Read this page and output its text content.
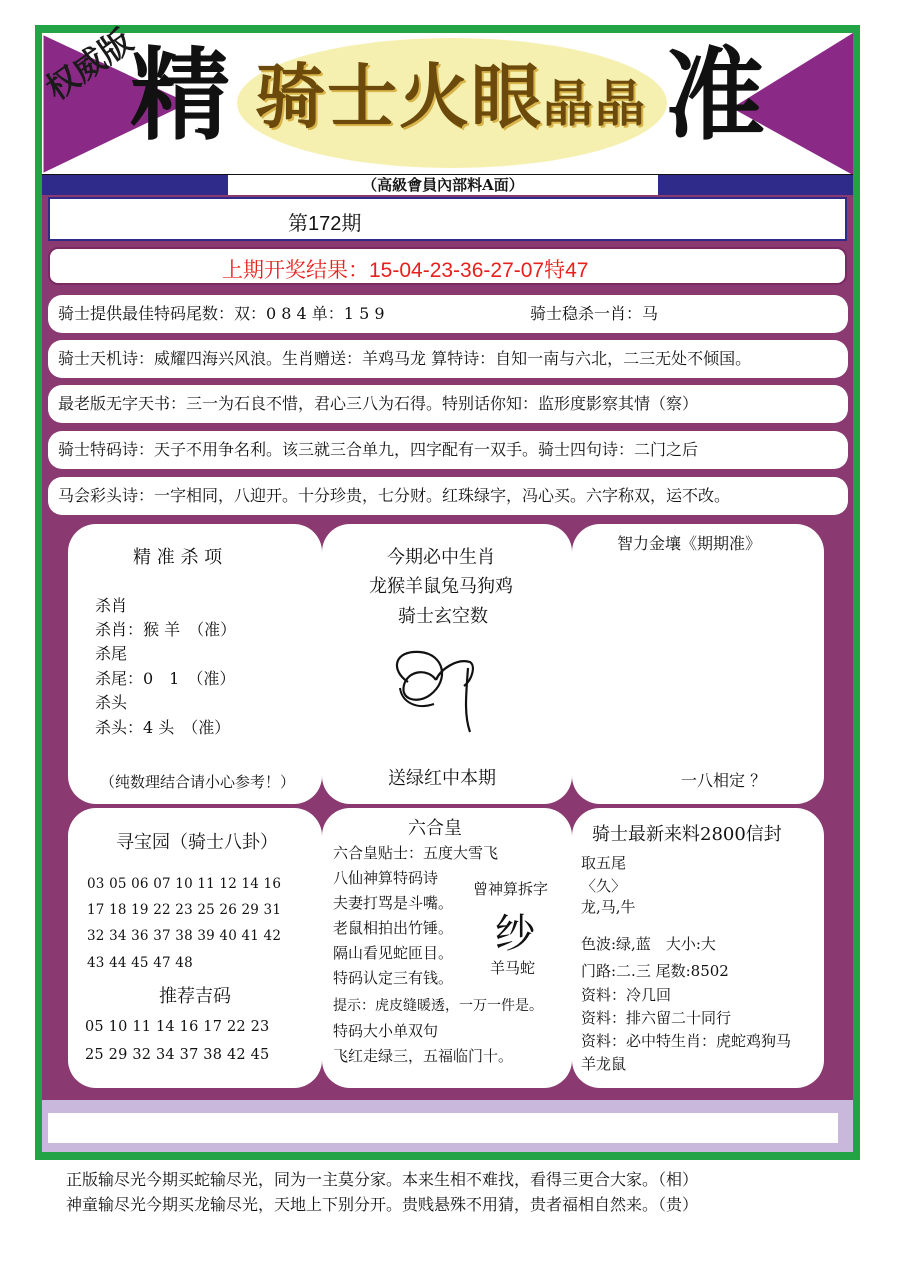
权威版
精 骑士火眼晶晶 准
（高級會員內部料A面）
第172期
上期开奖结果：15-04-23-36-27-07特47
骑士提供最佳特码尾数：双：0 8 4 单：1 5 9	骑士稳杀一肖：马
骑士天机诗：威耀四海兴风浪。生肖赠送：羊鸡马龙 算特诗：自知一南与六北，二三无处不倾国。
最老版无字天书：三一为石良不惜，君心三八为石得。特别话你知：监形度影察其情（察）
骑士特码诗：天子不用争名利。该三就三合单九，四字配有一双手。骑士四句诗：二门之后
马会彩头诗：一字相同，八迎开。十分珍贵，七分财。红珠绿字，冯心买。六字称双，运不改。
精 准 杀 项
杀肖
杀肖：猴 羊　（准）
杀尾
杀尾：0　1　（准）
杀头
杀头：4 头　（准）
（纯数理结合请小心参考！）
今期必中生肖
龙猴羊鼠兔马狗鸡
骑士玄空数
送绿红中本期
智力金壤《期期准》
一八相定 ？
寻宝园（骑士八卦）
03 05 06 07 10 11 12 14 16
17 18 19 22 23 25 26 29 31
32 34 36 37 38 39 40 41 42
43 44 45 47 48
推荐吉码
05 10 11 14 16 17 22 23
25 29 32 34 37 38 42 45
六合皇
六合皇贴士：五度大雪飞
八仙神算特码诗
夫妻打骂是斗嘴。
老鼠相拍出竹锤。
隔山看见蛇匝目。
特码认定三有钱。
提示：虎皮缝暖透，一万一件是。
特码大小单双句
飞红走绿三，五福临门十。
曾神算拆字
纱
羊马蛇
骑士最新来料2800信封
取五尾
〈久〉
龙,马,牛
色波:绿,蓝　大小:大
门路:二.三 尾数:8502
资料：冷几回
资料：排六留二十同行
资料：必中特生肖：虎蛇鸡狗马
羊龙鼠
正版输尽光今期买蛇输尽光，同为一主莫分家。本来生相不难找，看得三更合大家。（相）
神童输尽光今期买龙输尽光，天地上下别分开。贵贱悬殊不用猜，贵者福相自然来。（贵）
